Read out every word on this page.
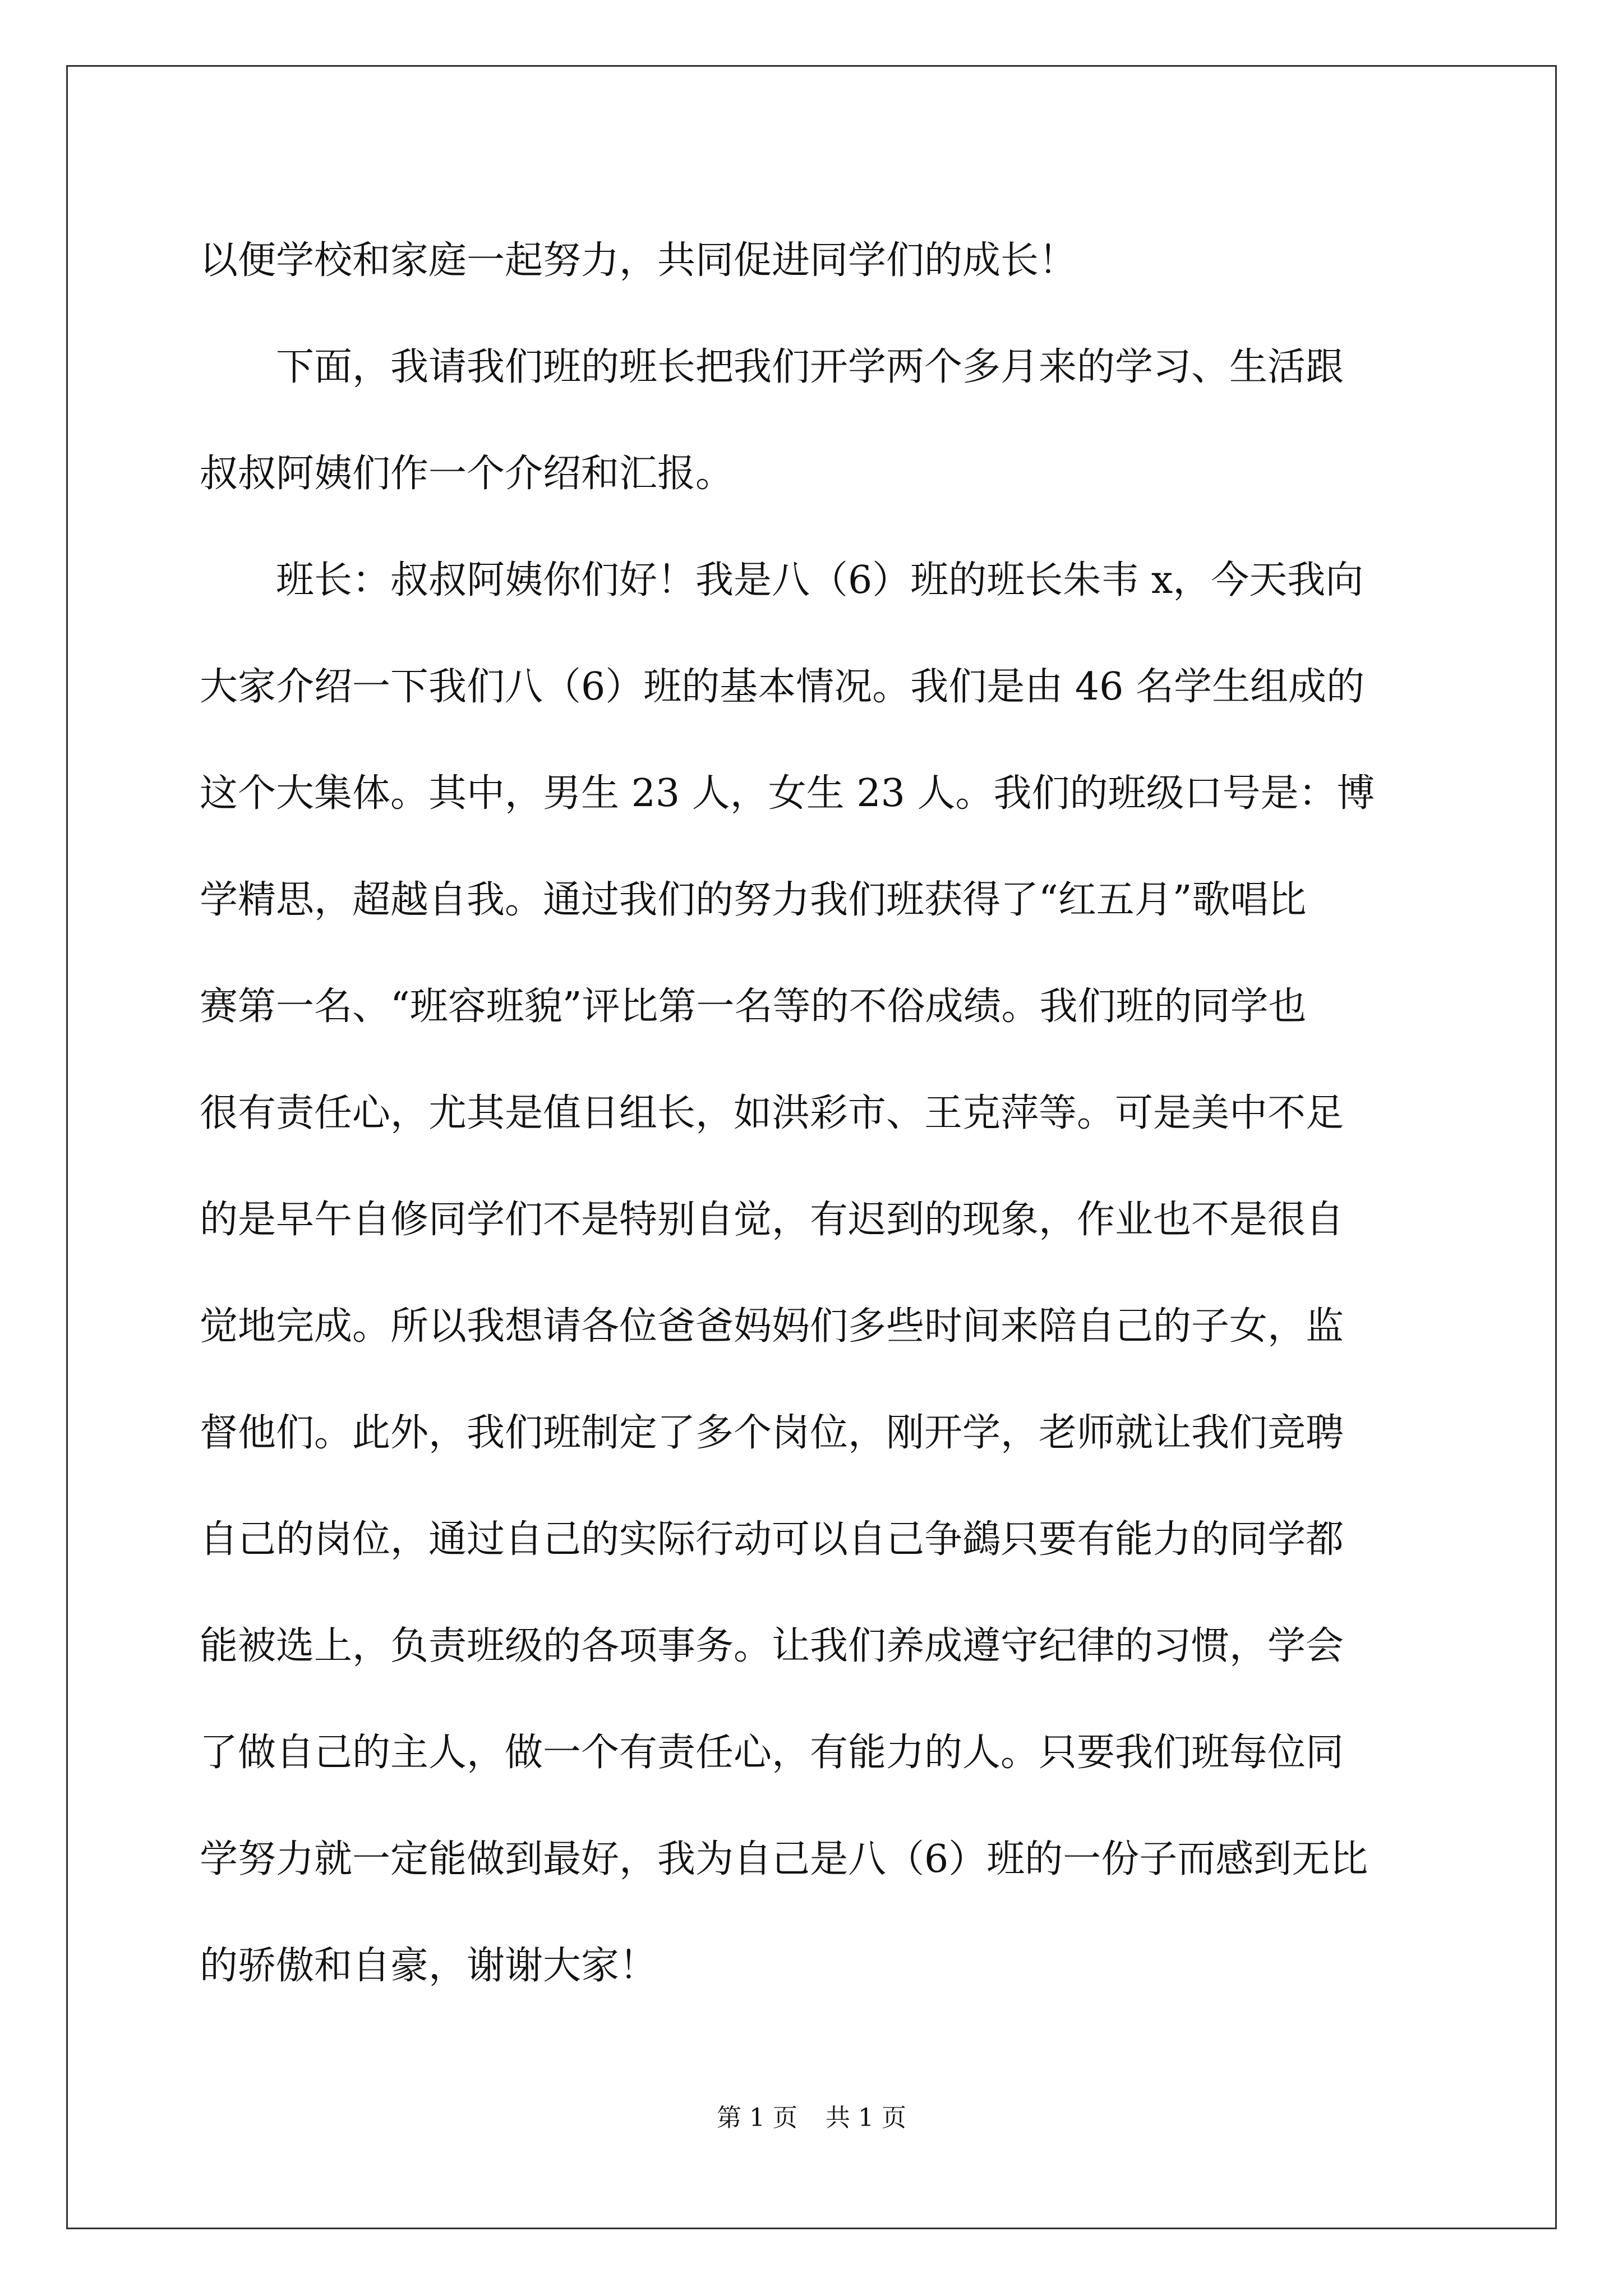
以便学校和家庭一起努力，共同促进同学们的成长！

下面，我请我们班的班长把我们开学两个多月来的学习、生活跟

叔叔阿姨们作一个介绍和汇报。

班长：叔叔阿姨你们好！我是八（6）班的班长朱韦 x，今天我向

大家介绍一下我们八（6）班的基本情况。我们是由 46 名学生组成的

这个大集体。其中，男生 23 人，女生 23 人。我们的班级口号是：博

学精思，超越自我。通过我们的努力我们班获得了“红五月”歌唱比

赛第一名、“班容班貌”评比第一名等的不俗成绩。我们班的同学也

很有责任心，尤其是值日组长，如洪彩市、王克萍等。可是美中不足

的是早午自修同学们不是特别自觉，有迟到的现象，作业也不是很自

觉地完成。所以我想请各位爸爸妈妈们多些时间来陪自己的子女，监

督他们。此外，我们班制定了多个岗位，刚开学，老师就让我们竞聘

自己的岗位，通过自己的实际行动可以自己争鷁只要有能力的同学都

能被选上，负责班级的各项事务。让我们养成遵守纪律的习惯，学会

了做自己的主人，做一个有责任心，有能力的人。只要我们班每位同

学努力就一定能做到最好，我为自己是八（6）班的一份子而感到无比

的骄傲和自豪，谢谢大家！

第 1 页 共 1 页
